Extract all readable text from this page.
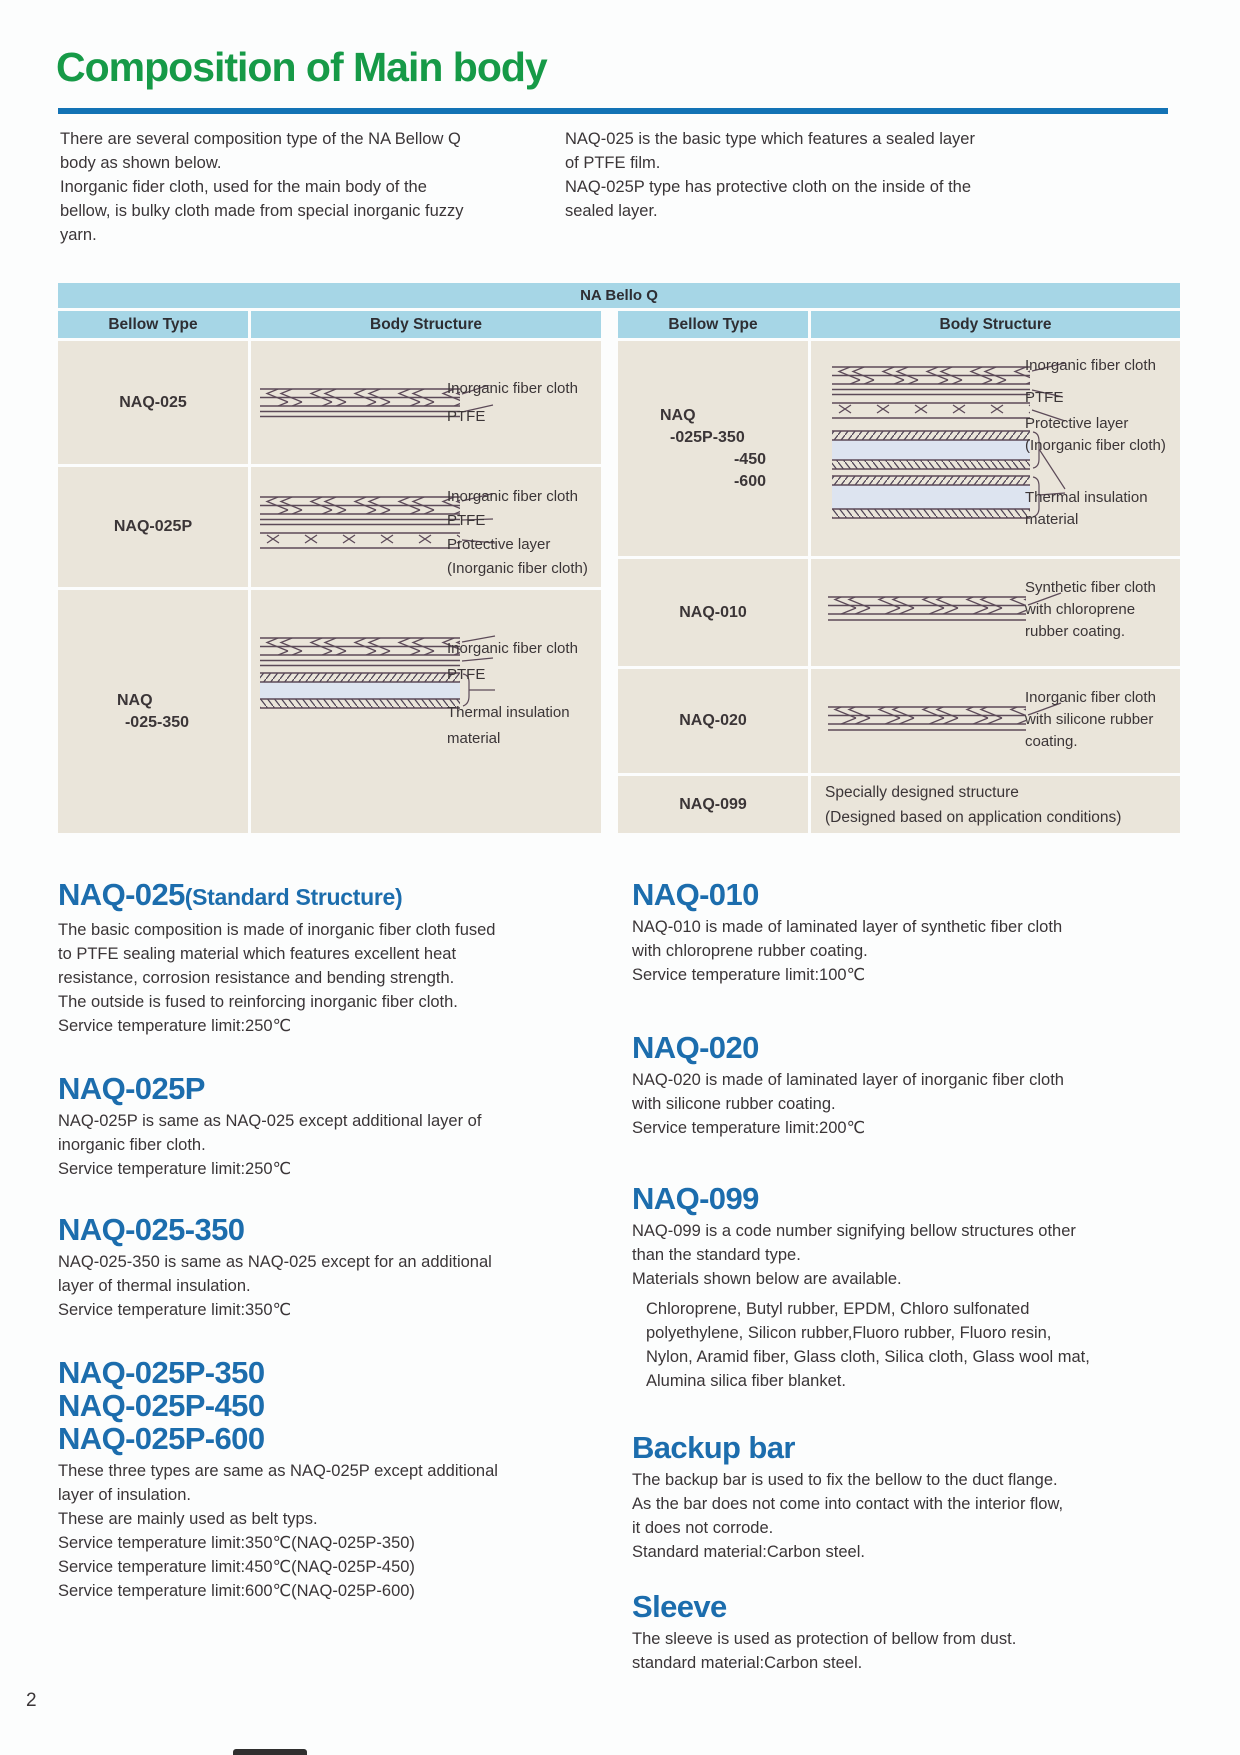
Composition of Main body
There are several composition type of the NA Bellow Q
body as shown below.
Inorganic fider cloth, used for the main body of the
bellow, is bulky cloth made from special inorganic fuzzy
yarn.
NAQ-025 is the basic type which features a sealed layer
of PTFE film.
NAQ-025P type has protective cloth on the inside of the
sealed layer.
NA Bello Q
Bellow Type	Body Structure
NAQ-025
Inorganic fiber cloth
PTFE
NAQ-025P
Inorganic fiber cloth
PTFE
Protective layer
(Inorganic fiber cloth)
NAQ
-025-350
Inorganic fiber cloth
PTFE
Thermal insulation
material
Bellow Type	Body Structure
NAQ
-025P-350
-450
-600
Inorganic fiber cloth
PTFE
Protective layer
(Inorganic fiber cloth)
Thermal insulation
material
NAQ-010
Synthetic fiber cloth
with chloroprene
rubber coating.
NAQ-020
Inorganic fiber cloth
with silicone rubber
coating.
NAQ-099
Specially designed structure
(Designed based on application conditions)
NAQ-025(Standard Structure)
The basic composition is made of inorganic fiber cloth fused
to PTFE sealing material which features excellent heat
resistance, corrosion resistance and bending strength.
The outside is fused to reinforcing inorganic fiber cloth.
Service temperature limit:250℃
NAQ-025P
NAQ-025P is same as NAQ-025 except additional layer of
inorganic fiber cloth.
Service temperature limit:250℃
NAQ-025-350
NAQ-025-350 is same as NAQ-025 except for an additional
layer of thermal insulation.
Service temperature limit:350℃
NAQ-025P-350
NAQ-025P-450
NAQ-025P-600
These three types are same as NAQ-025P except additional
layer of insulation.
These are mainly used as belt typs.
Service temperature limit:350℃(NAQ-025P-350)
Service temperature limit:450℃(NAQ-025P-450)
Service temperature limit:600℃(NAQ-025P-600)
NAQ-010
NAQ-010 is made of laminated layer of synthetic fiber cloth
with chloroprene rubber coating.
Service temperature limit:100℃
NAQ-020
NAQ-020 is made of laminated layer of inorganic fiber cloth
with silicone rubber coating.
Service temperature limit:200℃
NAQ-099
NAQ-099 is a code number signifying bellow structures other
than the standard type.
Materials shown below are available.
Chloroprene, Butyl rubber, EPDM, Chloro sulfonated
polyethylene, Silicon rubber,Fluoro rubber, Fluoro resin,
Nylon, Aramid fiber, Glass cloth, Silica cloth, Glass wool mat,
Alumina silica fiber blanket.
Backup bar
The backup bar is used to fix the bellow to the duct flange.
As the bar does not come into contact with the interior flow,
it does not corrode.
Standard material:Carbon steel.
Sleeve
The sleeve is used as protection of bellow from dust.
standard material:Carbon steel.
2
